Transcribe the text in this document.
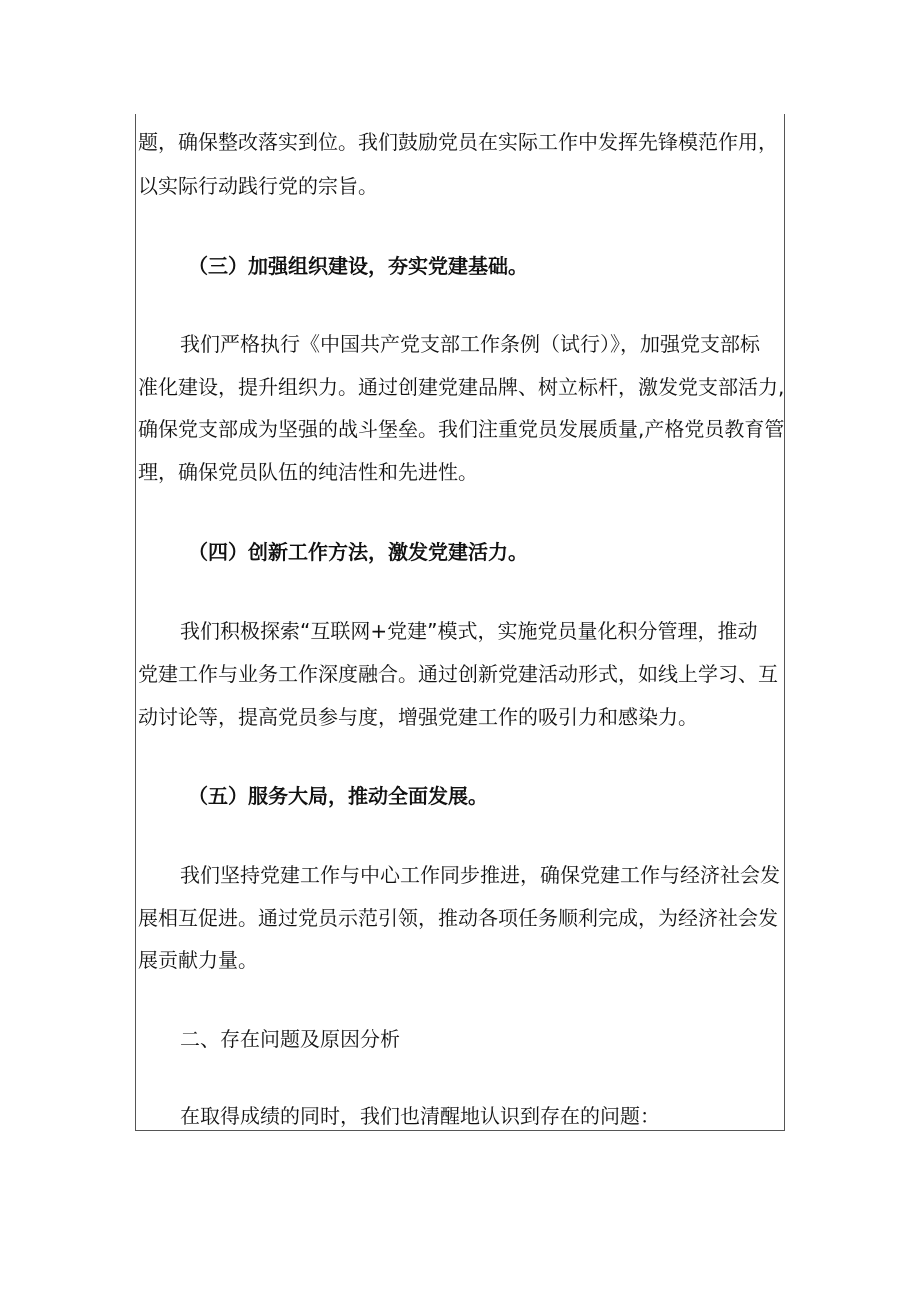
题，确保整改落实到位。我们鼓励党员在实际工作中发挥先锋模范作用，
以实际行动践行党的宗旨。
（三）加强组织建设，夯实党建基础。
我们严格执行《中国共产党支部工作条例（试行）》，加强党支部标
准化建设，提升组织力。通过创建党建品牌、树立标杆，激发党支部活力,
确保党支部成为坚强的战斗堡垒。我们注重党员发展质量,产格党员教育管
理，确保党员队伍的纯洁性和先进性。
（四）创新工作方法，激发党建活力。
我们积极探索“互联网+党建”模式，实施党员量化积分管理，推动
党建工作与业务工作深度融合。通过创新党建活动形式，如线上学习、互
动讨论等，提高党员参与度，增强党建工作的吸引力和感染力。
（五）服务大局，推动全面发展。
我们坚持党建工作与中心工作同步推进，确保党建工作与经济社会发
展相互促进。通过党员示范引领，推动各项任务顺利完成，为经济社会发
展贡献力量。
二、存在问题及原因分析
在取得成绩的同时，我们也清醒地认识到存在的问题：
